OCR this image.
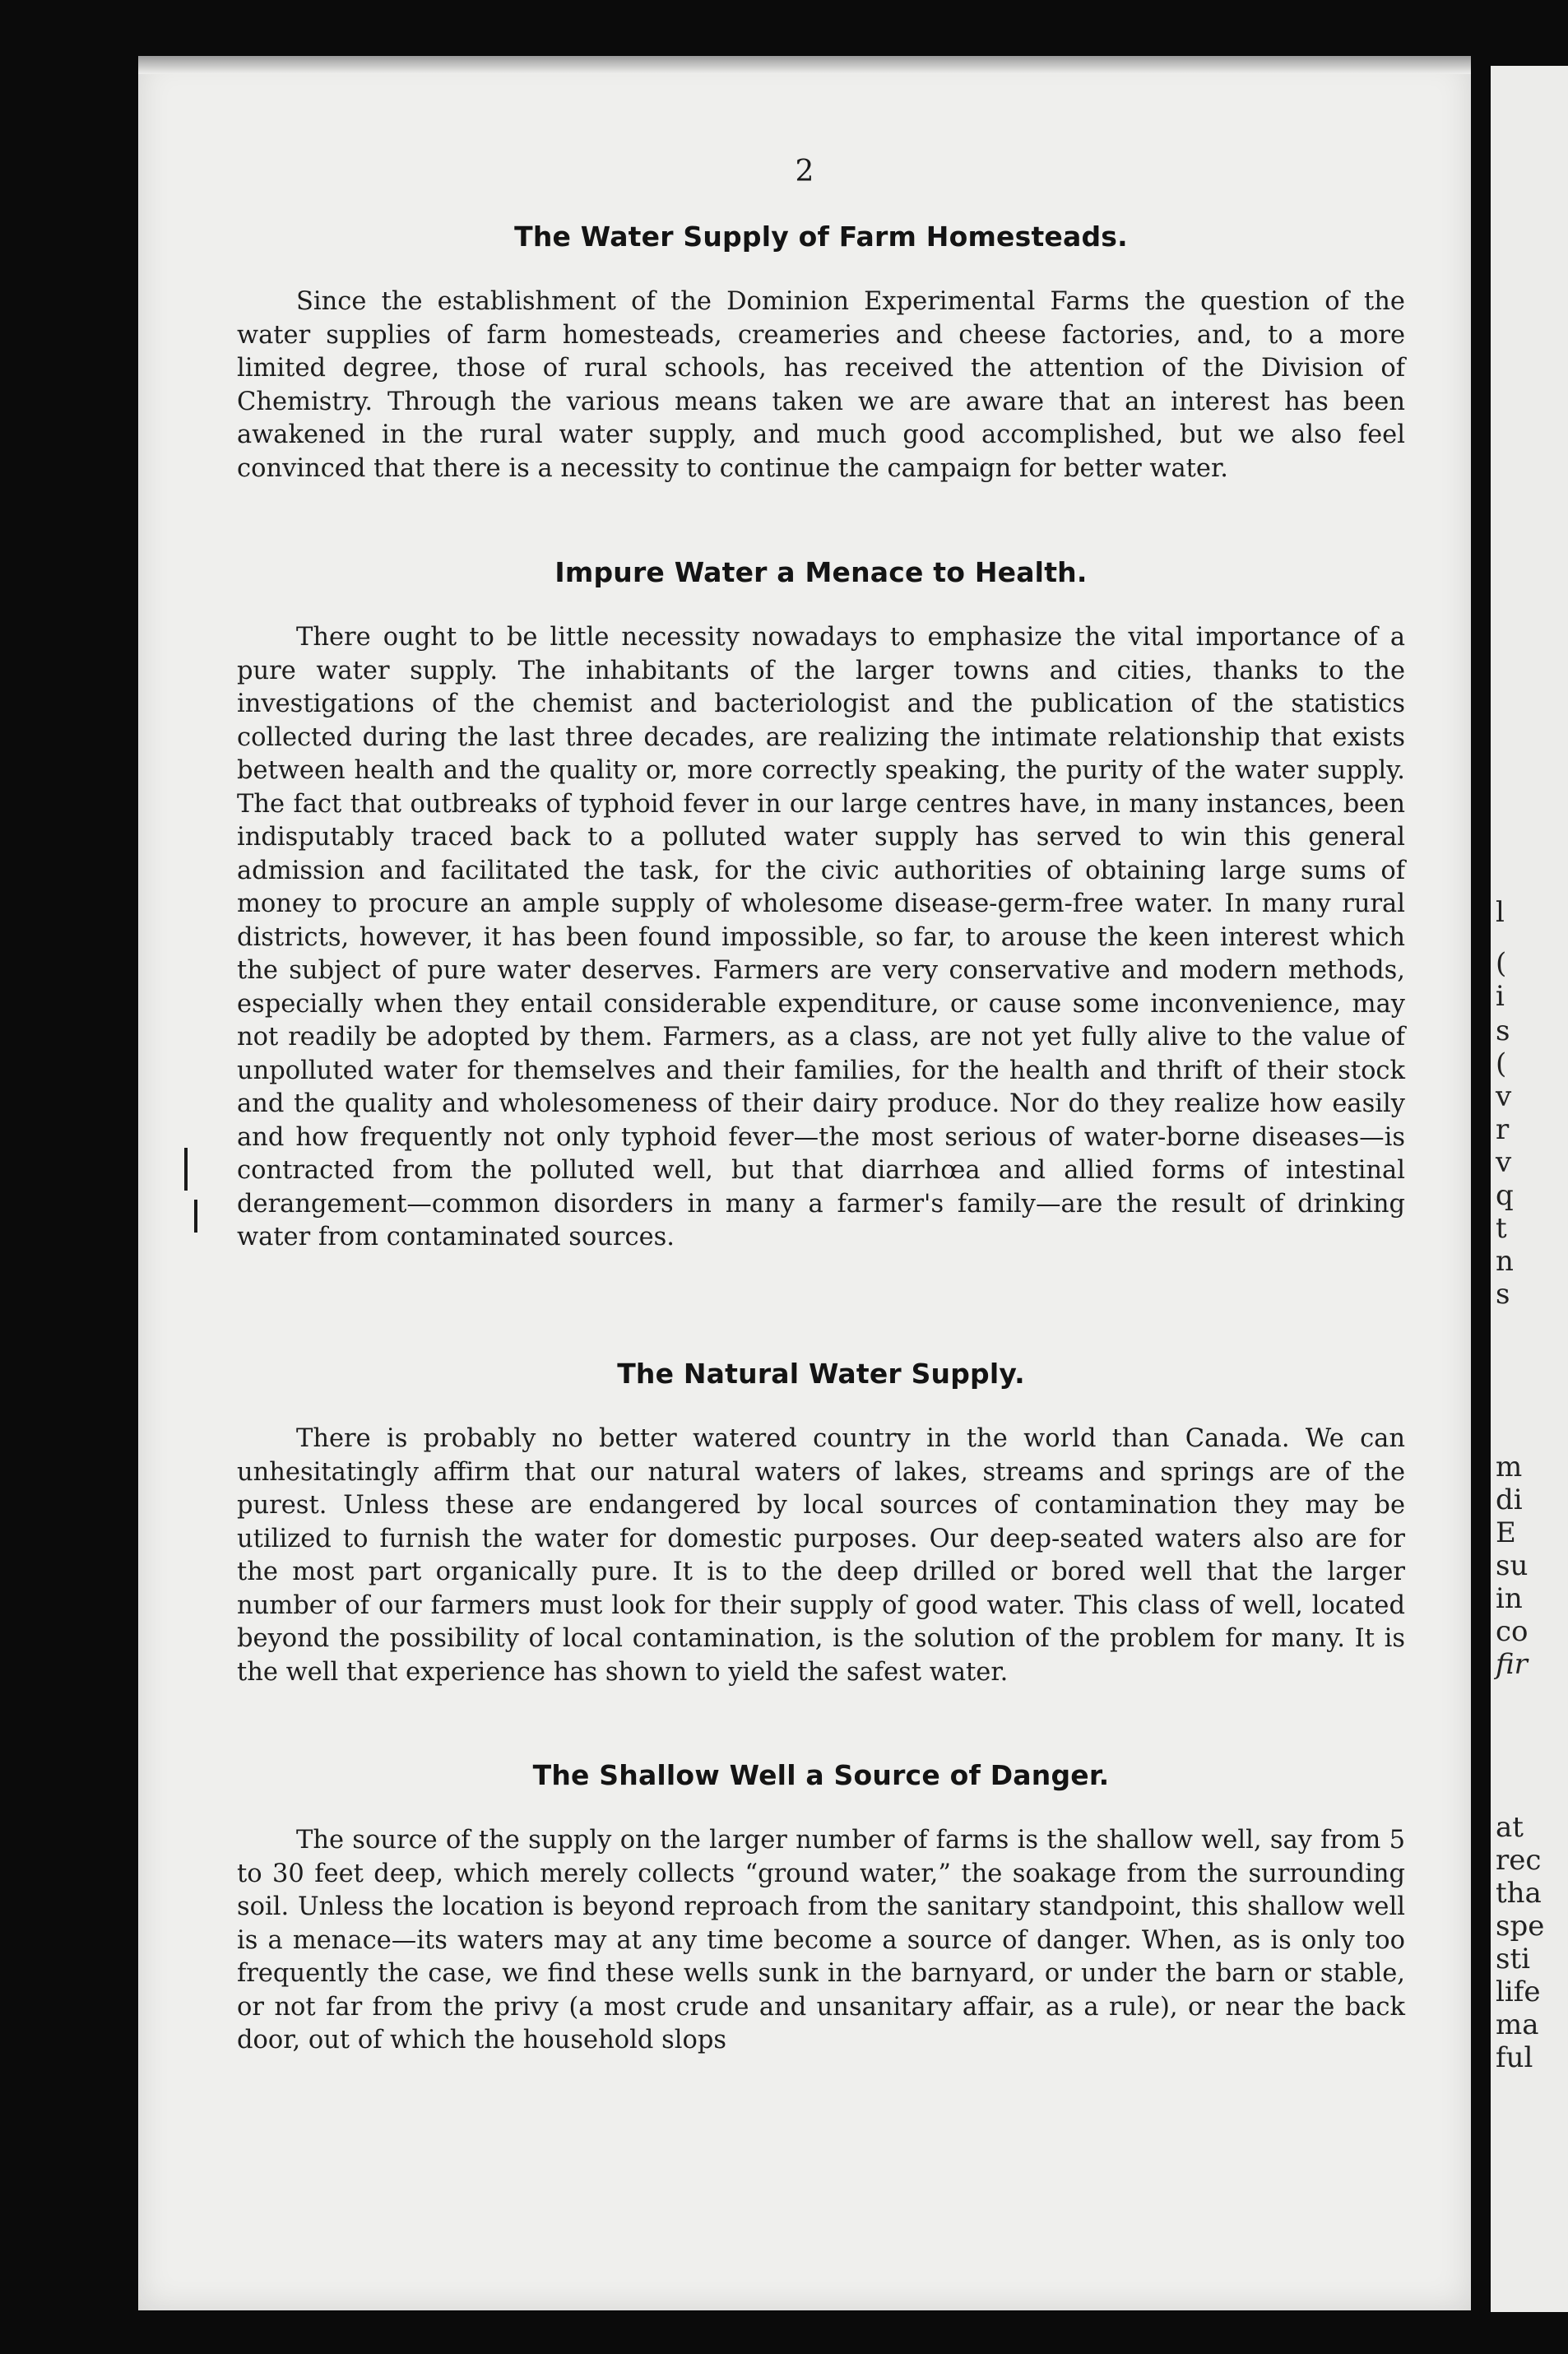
2
The Water Supply of Farm Homesteads.

Since the establishment of the Dominion Experimental Farms the question of the water supplies of farm homesteads, creameries and cheese factories, and, to a more limited degree, those of rural schools, has received the attention of the Division of Chemistry. Through the various means taken we are aware that an interest has been awakened in the rural water supply, and much good accomplished, but we also feel convinced that there is a necessity to continue the campaign for better water.

Impure Water a Menace to Health.

There ought to be little necessity nowadays to emphasize the vital importance of a pure water supply. The inhabitants of the larger towns and cities, thanks to the investigations of the chemist and bacteriologist and the publication of the statistics collected during the last three decades, are realizing the intimate relationship that exists between health and the quality or, more correctly speaking, the purity of the water supply. The fact that outbreaks of typhoid fever in our large centres have, in many instances, been indisputably traced back to a polluted water supply has served to win this general admission and facilitated the task, for the civic authorities of obtaining large sums of money to procure an ample supply of wholesome disease-germ-free water. In many rural districts, however, it has been found impossible, so far, to arouse the keen interest which the subject of pure water deserves. Farmers are very conservative and modern methods, especially when they entail considerable expenditure, or cause some inconvenience, may not readily be adopted by them. Farmers, as a class, are not yet fully alive to the value of unpolluted water for themselves and their families, for the health and thrift of their stock and the quality and wholesomeness of their dairy produce. Nor do they realize how easily and how frequently not only typhoid fever—the most serious of water-borne diseases—is contracted from the polluted well, but that diarrhœa and allied forms of intestinal derangement—common disorders in many a farmer's family—are the result of drinking water from contaminated sources.

The Natural Water Supply.

There is probably no better watered country in the world than Canada. We can unhesitatingly affirm that our natural waters of lakes, streams and springs are of the purest. Unless these are endangered by local sources of contamination they may be utilized to furnish the water for domestic purposes. Our deep-seated waters also are for the most part organically pure. It is to the deep drilled or bored well that the larger number of our farmers must look for their supply of good water. This class of well, located beyond the possibility of local contamination, is the solution of the problem for many. It is the well that experience has shown to yield the safest water.

The Shallow Well a Source of Danger.

The source of the supply on the larger number of farms is the shallow well, say from 5 to 30 feet deep, which merely collects “ground water,” the soakage from the surrounding soil. Unless the location is beyond reproach from the sanitary standpoint, this shallow well is a menace—its waters may at any time become a source of danger. When, as is only too frequently the case, we find these wells sunk in the barnyard, or under the barn or stable, or not far from the privy (a most crude and unsanitary affair, as a rule), or near the back door, out of which the household slops

l
(
i
s
(
v
r
v
q
t
n
s
m
di
E
su
in
co
fir
at
rec
tha
spe
sti
life
ma
ful
